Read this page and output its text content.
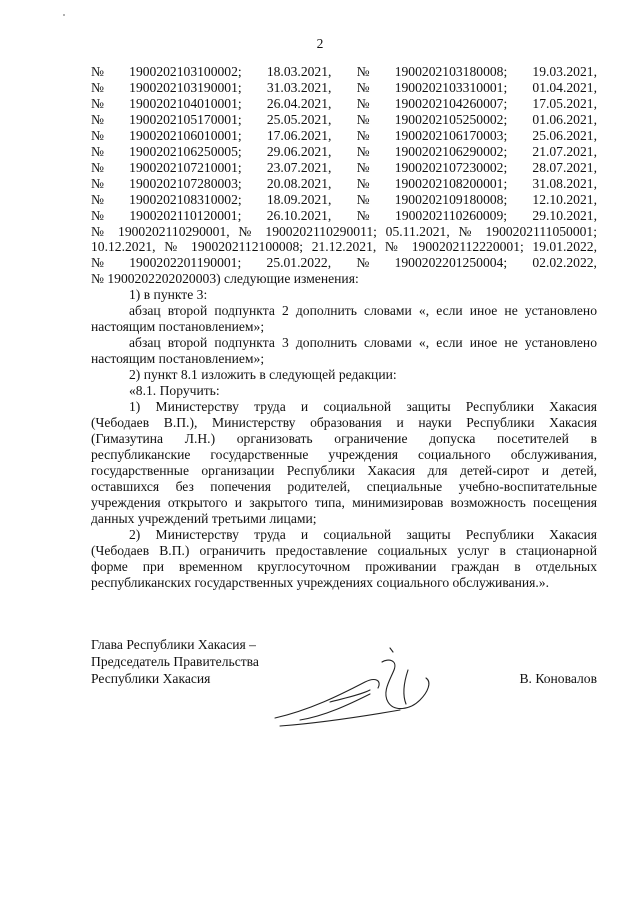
2
№ 1900202103100002; 18.03.2021, № 1900202103180008; 19.03.2021,
№ 1900202103190001; 31.03.2021, № 1900202103310001; 01.04.2021,
№ 1900202104010001; 26.04.2021, № 1900202104260007; 17.05.2021,
№ 1900202105170001; 25.05.2021, № 1900202105250002; 01.06.2021,
№ 1900202106010001; 17.06.2021, № 1900202106170003; 25.06.2021,
№ 1900202106250005; 29.06.2021, № 1900202106290002; 21.07.2021,
№ 1900202107210001; 23.07.2021, № 1900202107230002; 28.07.2021,
№ 1900202107280003; 20.08.2021, № 1900202108200001; 31.08.2021,
№ 1900202108310002; 18.09.2021, № 1900202109180008; 12.10.2021,
№ 1900202110120001; 26.10.2021, № 1900202110260009; 29.10.2021,

№ 1900202110290001, № 1900202110290011; 05.11.2021, № 1900202111050001;

10.12.2021, № 1900202112100008; 21.12.2021, № 1900202112220001; 19.01.2022,

№ 1900202201190001; 25.01.2022, № 1900202201250004; 02.02.2022,

№ 1900202202020003) следующие изменения:

1) в пункте 3:

абзац второй подпункта 2 дополнить словами «, если иное не установлено

настоящим постановлением»;

абзац второй подпункта 3 дополнить словами «, если иное не установлено

настоящим постановлением»;

2) пункт 8.1 изложить в следующей редакции:

«8.1. Поручить:

1) Министерству труда и социальной защиты Республики Хакасия

(Чебодаев В.П.), Министерству образования и науки Республики Хакасия

(Гимазутина Л.Н.) организовать ограничение допуска посетителей в

республиканские государственные учреждения социального обслуживания,

государственные организации Республики Хакасия для детей-сирот и детей,

оставшихся без попечения родителей, специальные учебно-воспитательные

учреждения открытого и закрытого типа, минимизировав возможность посещения

данных учреждений третьими лицами;

2) Министерству труда и социальной защиты Республики Хакасия

(Чебодаев В.П.) ограничить предоставление социальных услуг в стационарной

форме при временном круглосуточном проживании граждан в отдельных

республиканских государственных учреждениях социального обслуживания.».

Глава Республики Хакасия –
Председатель Правительства
Республики Хакасия	В. Коновалов
